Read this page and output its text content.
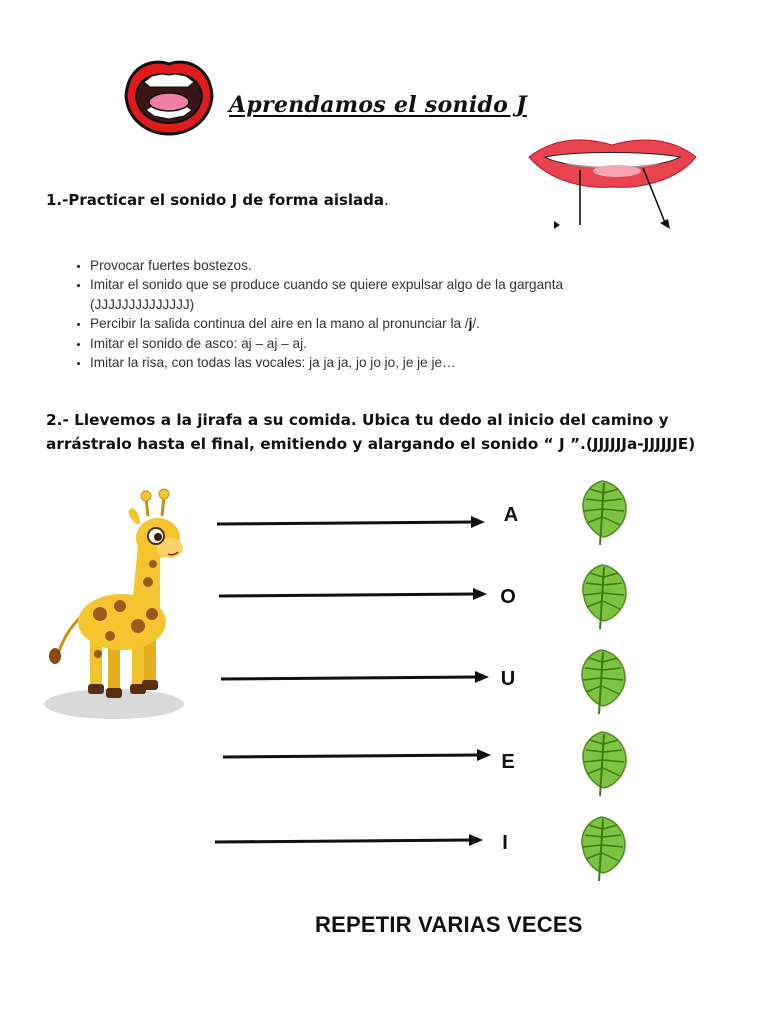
Aprendamos el sonido J
1.-Practicar el sonido J de forma aislada.
• Provocar fuertes bostezos.
• Imitar el sonido que se produce cuando se quiere expulsar algo de la garganta (JJJJJJJJJJJJJJ)
• Percibir la salida continua del aire en la mano al pronunciar la /j/.
• Imitar el sonido de asco: aj – aj – aj.
• Imitar la risa, con todas las vocales: ja ja ja, jo jo jo, je je je…
2.- Llevemos a la jirafa a su comida. Ubica tu dedo al inicio del camino y arrástralo hasta el final, emitiendo y alargando el sonido “ J ”.(JJJJJJa-JJJJJJE)
A
O
U
E
I
REPETIR VARIAS VECES
